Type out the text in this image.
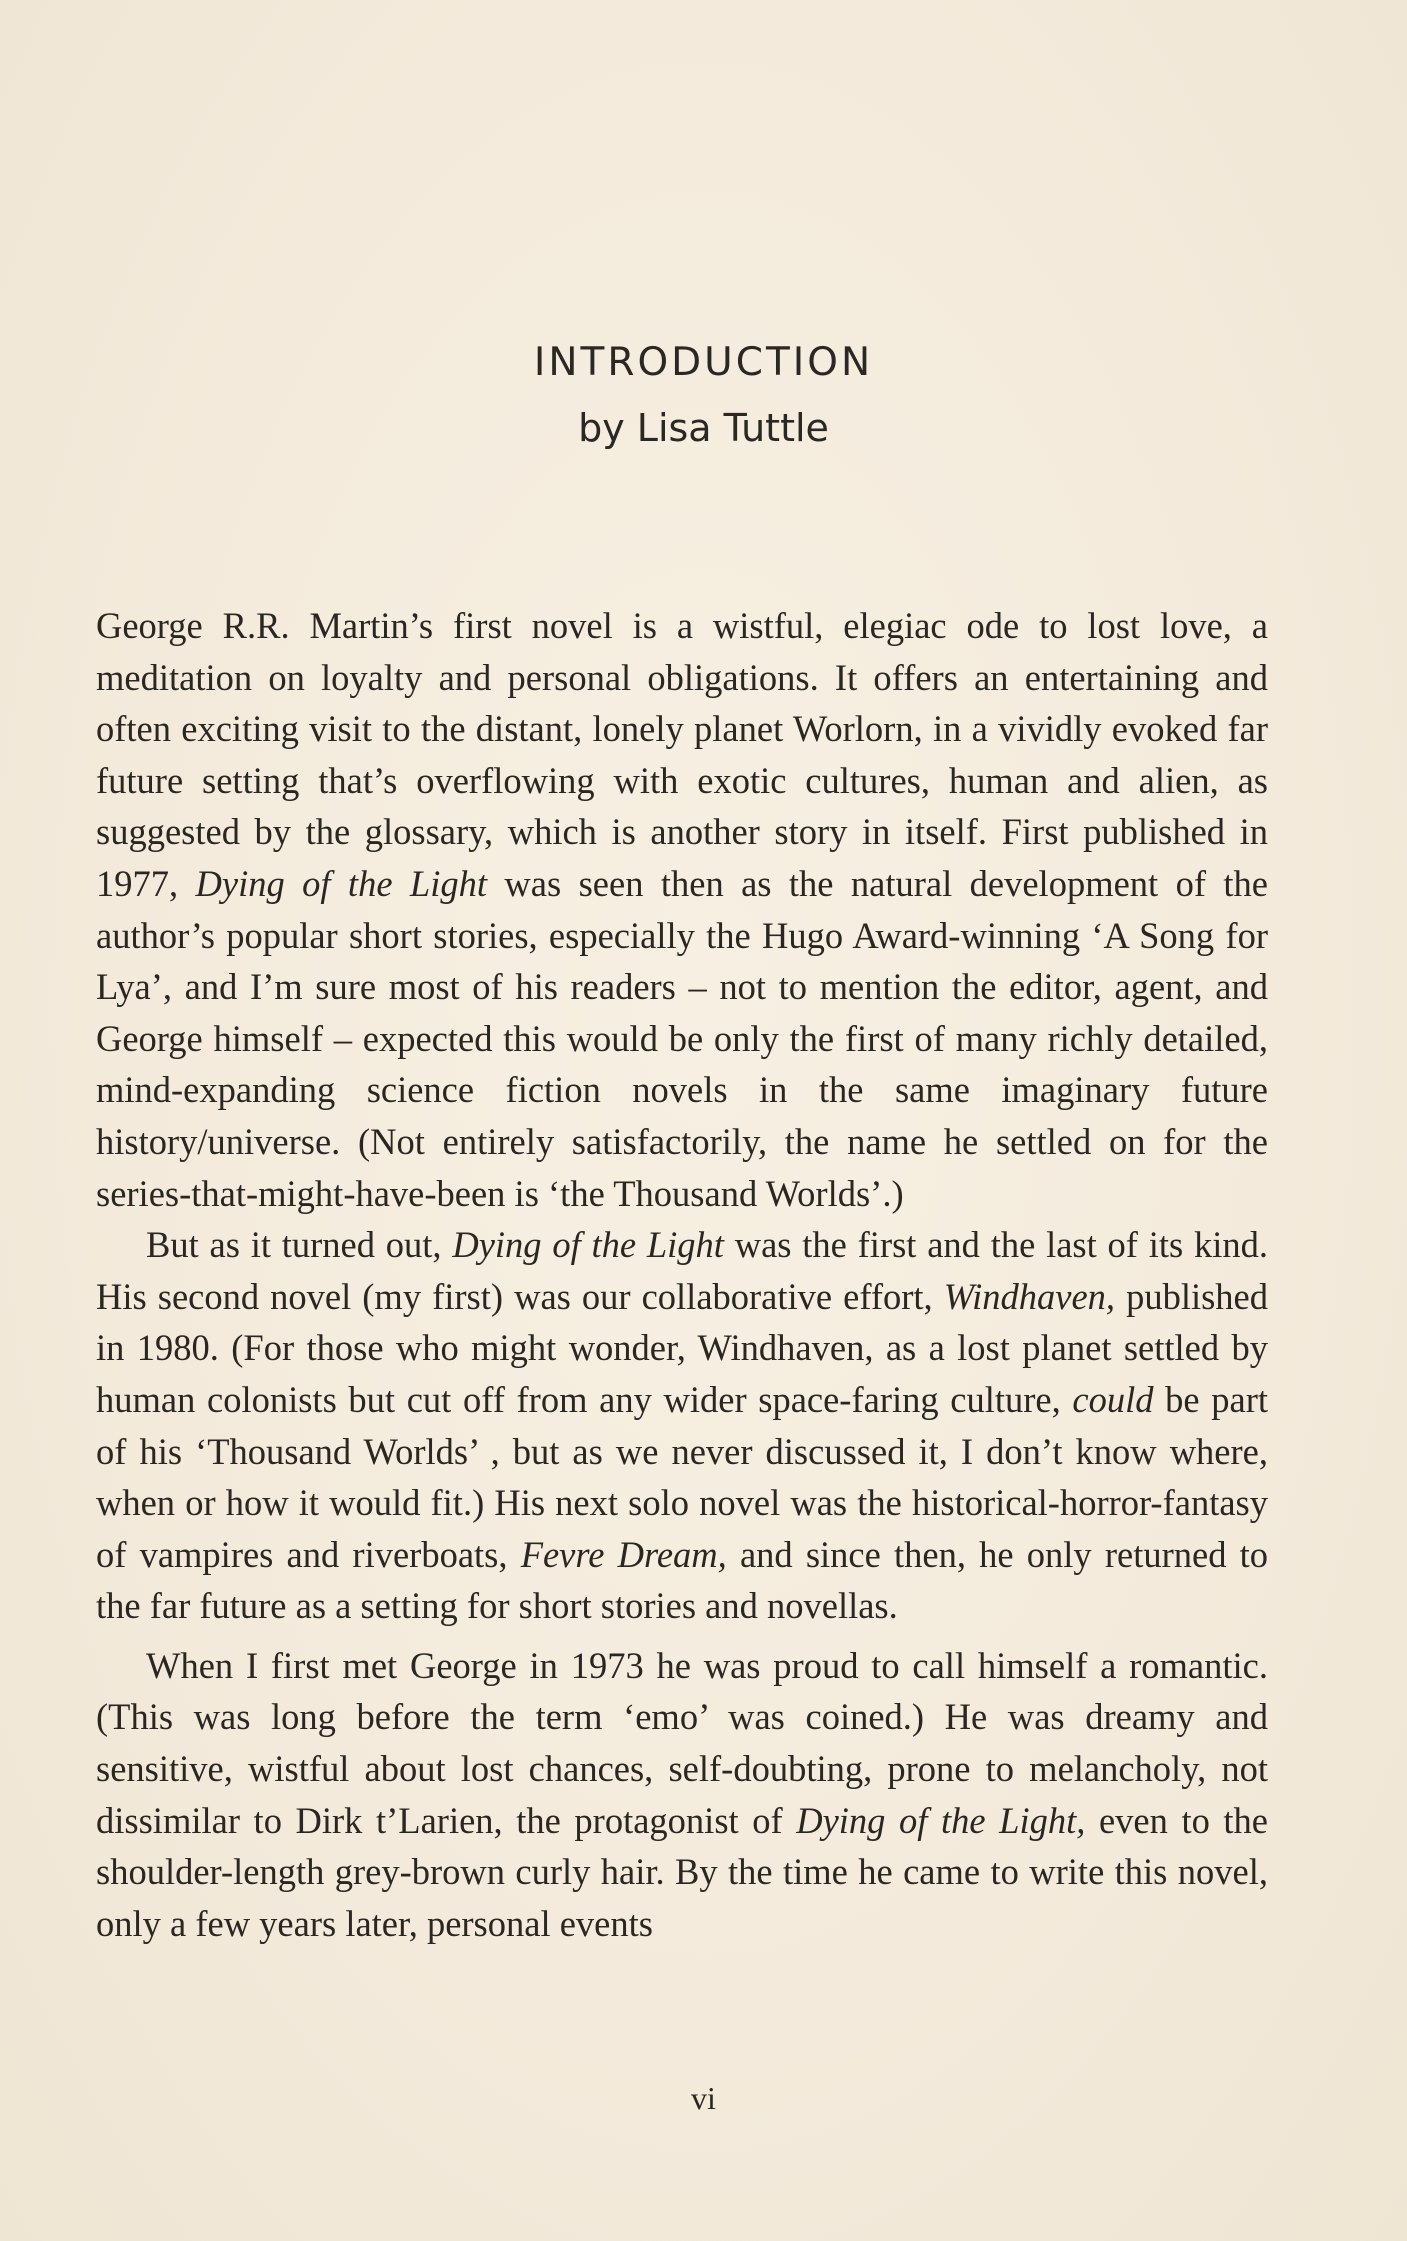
INTRODUCTION
by Lisa Tuttle

George R.R. Martin’s first novel is a wistful, elegiac ode to lost love, a meditation on loyalty and personal obligations. It offers an entertaining and often exciting visit to the distant, lonely planet Worlorn, in a vividly evoked far future setting that’s overflowing with exotic cultures, human and alien, as suggested by the glossary, which is another story in itself. First published in 1977, Dying of the Light was seen then as the natural development of the author’s popular short stories, especially the Hugo Award-winning ‘A Song for Lya’, and I’m sure most of his readers – not to mention the editor, agent, and George himself – expected this would be only the first of many richly detailed, mind-expanding science fiction novels in the same imaginary future history/universe. (Not entirely satisfactorily, the name he settled on for the series-that-might-have-been is ‘the Thousand Worlds’.)

But as it turned out, Dying of the Light was the first and the last of its kind. His second novel (my first) was our collaborative effort, Windhaven, published in 1980. (For those who might wonder, Windhaven, as a lost planet settled by human colonists but cut off from any wider space-faring culture, could be part of his ‘Thousand Worlds’ , but as we never discussed it, I don’t know where, when or how it would fit.) His next solo novel was the historical-horror-fantasy of vampires and riverboats, Fevre Dream, and since then, he only returned to the far future as a setting for short stories and novellas.

When I first met George in 1973 he was proud to call himself a romantic. (This was long before the term ‘emo’ was coined.) He was dreamy and sensitive, wistful about lost chances, self-doubting, prone to melancholy, not dissimilar to Dirk t’Larien, the protagonist of Dying of the Light, even to the shoulder-length grey-brown curly hair. By the time he came to write this novel, only a few years later, personal events

vi
